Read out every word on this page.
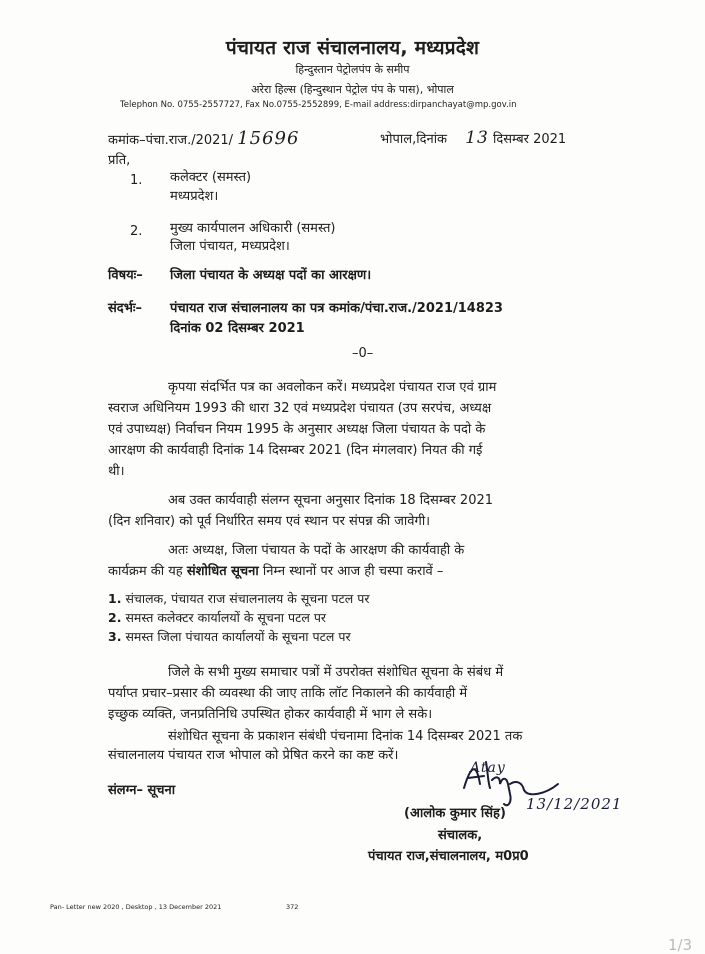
पंचायत राज संचालनालय, मध्यप्रदेश
हिन्दुस्तान पेट्रोलपंप के समीप
अरेरा हिल्स (हिन्दुस्थान पेट्रोल पंप के पास), भोपाल
Telephon No. 0755-2557727, Fax No.0755-2552899, E-mail address:dirpanchayat@mp.gov.in
कमांक–पंचा.राज./2021/ 15696	भोपाल,दिनांक 13 दिसम्बर 2021
प्रति,
1. कलेक्टर (समस्त)
मध्यप्रदेश।
2. मुख्य कार्यपालन अधिकारी (समस्त)
जिला पंचायत, मध्यप्रदेश।
विषयः– जिला पंचायत के अध्यक्ष पदों का आरक्षण।
संदर्भः– पंचायत राज संचालनालय का पत्र कमांक/पंचा.राज./2021/14823
दिनांक 02 दिसम्बर 2021
–0–
कृपया संदर्भित पत्र का अवलोकन करें। मध्यप्रदेश पंचायत राज एवं ग्राम
स्वराज अधिनियम 1993 की धारा 32 एवं मध्यप्रदेश पंचायत (उप सरपंच, अध्यक्ष
एवं उपाध्यक्ष) निर्वाचन नियम 1995 के अनुसार अध्यक्ष जिला पंचायत के पदो के
आरक्षण की कार्यवाही दिनांक 14 दिसम्बर 2021 (दिन मंगलवार) नियत की गई
थी।
अब उक्त कार्यवाही संलग्न सूचना अनुसार दिनांक 18 दिसम्बर 2021
(दिन शनिवार) को पूर्व निर्धारित समय एवं स्थान पर संपन्न की जावेगी।
अतः अध्यक्ष, जिला पंचायत के पदों के आरक्षण की कार्यवाही के
कार्यक्रम की यह संशोधित सूचना निम्न स्थानों पर आज ही चस्पा करावें –
1. संचालक, पंचायत राज संचालनालय के सूचना पटल पर
2. समस्त कलेक्टर कार्यालयों के सूचना पटल पर
3. समस्त जिला पंचायत कार्यालयों के सूचना पटल पर
जिले के सभी मुख्य समाचार पत्रों में उपरोक्त संशोधित सूचना के संबंध में
पर्याप्त प्रचार–प्रसार की व्यवस्था की जाए ताकि लॉट निकालने की कार्यवाही में
इच्छुक व्यक्ति, जनप्रतिनिधि उपस्थित होकर कार्यवाही में भाग ले सके।
संशोधित सूचना के प्रकाशन संबंधी पंचनामा दिनांक 14 दिसम्बर 2021 तक
संचालनालय पंचायत राज भोपाल को प्रेषित करने का कष्ट करें।
संलग्न– सूचना
Atay
(आलोक कुमार सिंह)
13/12/2021
संचालक,
पंचायत राज,संचालनालय, म0प्र0
Pan- Letter new 2020 , Desktop , 13 December 2021	372
1/3
